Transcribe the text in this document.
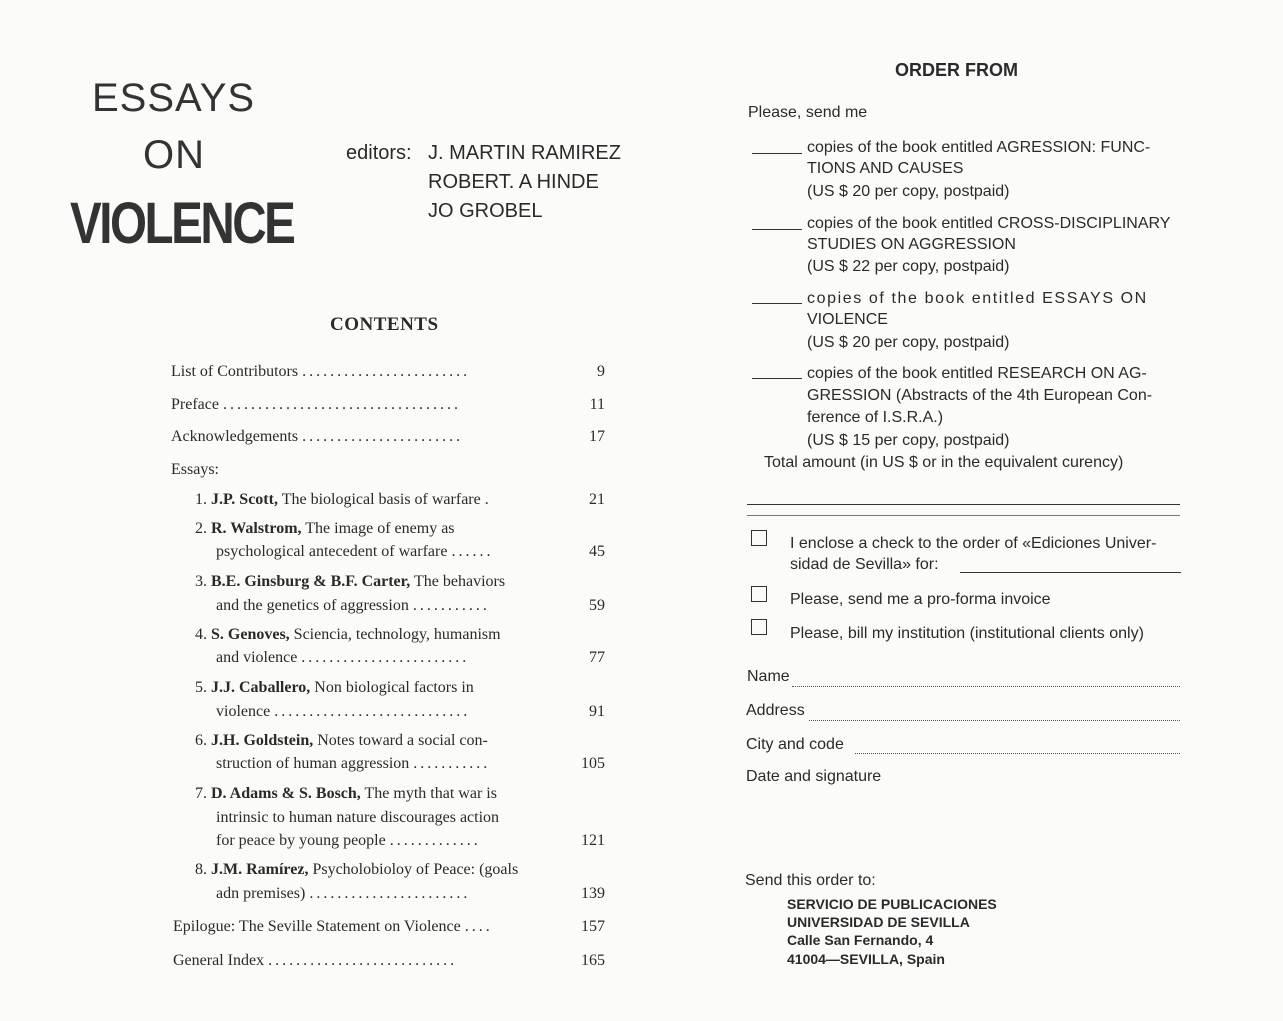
ESSAYS
ON
VIOLENCE
editors: J. MARTIN RAMIREZ
ROBERT. A HINDE
JO GROBEL
CONTENTS
List of Contributors ........................	9
Preface ..................................	11
Acknowledgements .......................	17
Essays:
1. J.P. Scott, The biological basis of warfare .	21
2. R. Walstrom, The image of enemy as
psychological antecedent of warfare ......	45
3. B.E. Ginsburg & B.F. Carter, The behaviors
and the genetics of aggression ...........	59
4. S. Genoves, Sciencia, technology, humanism
and violence ........................	77
5. J.J. Caballero, Non biological factors in
violence ............................	91
6. J.H. Goldstein, Notes toward a social con-
struction of human aggression ...........	105
7. D. Adams & S. Bosch, The myth that war is
intrinsic to human nature discourages action
for peace by young people .............	121
8. J.M. Ramírez, Psycholobioloy of Peace: (goals
adn premises) .......................	139
Epilogue: The Seville Statement on Violence ....	157
General Index ...........................	165
ORDER FROM
Please, send me
copies of the book entitled AGRESSION: FUNC-
TIONS AND CAUSES
(US $ 20 per copy, postpaid)
copies of the book entitled CROSS-DISCIPLINARY
STUDIES ON AGGRESSION
(US $ 22 per copy, postpaid)
copies of the book entitled ESSAYS ON
VIOLENCE
(US $ 20 per copy, postpaid)
copies of the book entitled RESEARCH ON AG-
GRESSION (Abstracts of the 4th European Con-
ference of I.S.R.A.)
(US $ 15 per copy, postpaid)
Total amount (in US $ or in the equivalent curency)
I enclose a check to the order of «Ediciones Univer-
sidad de Sevilla» for:
Please, send me a pro-forma invoice
Please, bill my institution (institutional clients only)
Name
Address
City and code
Date and signature
Send this order to:
SERVICIO DE PUBLICACIONES
UNIVERSIDAD DE SEVILLA
Calle San Fernando, 4
41004—SEVILLA, Spain
